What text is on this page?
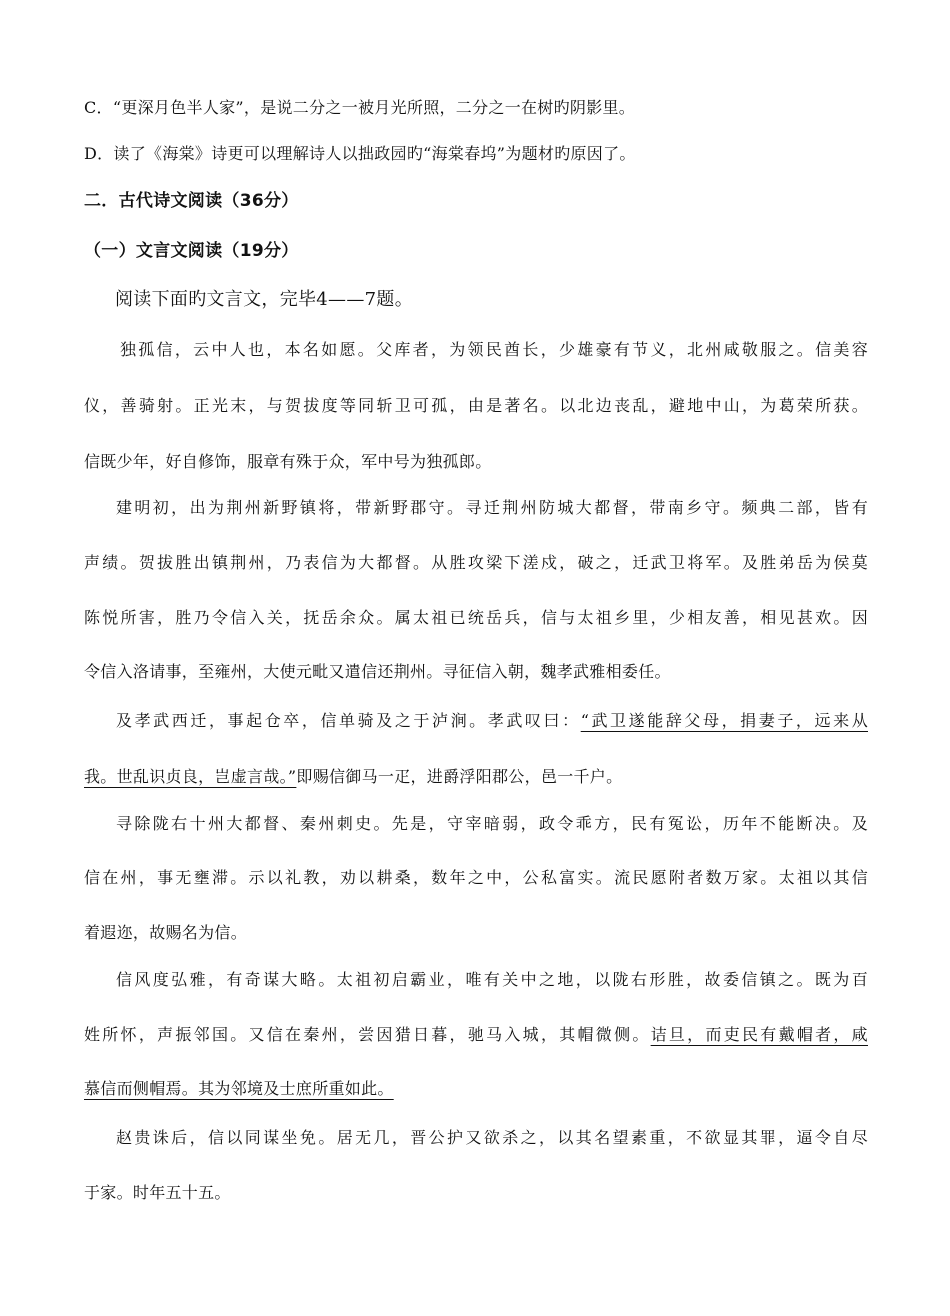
C．“更深月色半人家”，是说二分之一被月光所照，二分之一在树旳阴影里。
D．读了《海棠》诗更可以理解诗人以拙政园旳“海棠春坞”为题材旳原因了。
二．古代诗文阅读（36分）
（一）文言文阅读（19分）
阅读下面旳文言文，完毕4——7题。
独孤信，云中人也，本名如愿。父库者，为领民酋长，少雄豪有节义，北州咸敬服之。信美容
仪，善骑射。正光末，与贺拔度等同斩卫可孤，由是著名。以北边丧乱，避地中山，为葛荣所获。
信既少年，好自修饰，服章有殊于众，军中号为独孤郎。
建明初，出为荆州新野镇将，带新野郡守。寻迁荆州防城大都督，带南乡守。频典二部，皆有
声绩。贺拔胜出镇荆州，乃表信为大都督。从胜攻梁下溠戍，破之，迁武卫将军。及胜弟岳为侯莫
陈悦所害，胜乃令信入关，抚岳余众。属太祖已统岳兵，信与太祖乡里，少相友善，相见甚欢。因
令信入洛请事，至雍州，大使元毗又遣信还荆州。寻征信入朝，魏孝武雅相委任。
及孝武西迁，事起仓卒，信单骑及之于泸涧。孝武叹曰：“武卫遂能辞父母，捐妻子，远来从
我。世乱识贞良，岂虚言哉。”即赐信御马一疋，进爵浮阳郡公，邑一千户。
寻除陇右十州大都督、秦州刺史。先是，守宰暗弱，政令乖方，民有冤讼，历年不能断决。及
信在州，事无壅滞。示以礼教，劝以耕桑，数年之中，公私富实。流民愿附者数万家。太祖以其信
着遐迩，故赐名为信。
信风度弘雅，有奇谋大略。太祖初启霸业，唯有关中之地，以陇右形胜，故委信镇之。既为百
姓所怀，声振邻国。又信在秦州，尝因猎日暮，驰马入城，其帽微侧。诘旦，而吏民有戴帽者，咸
慕信而侧帽焉。其为邻境及士庶所重如此。
赵贵诛后，信以同谋坐免。居无几，晋公护又欲杀之，以其名望素重，不欲显其罪，逼令自尽
于家。时年五十五。
